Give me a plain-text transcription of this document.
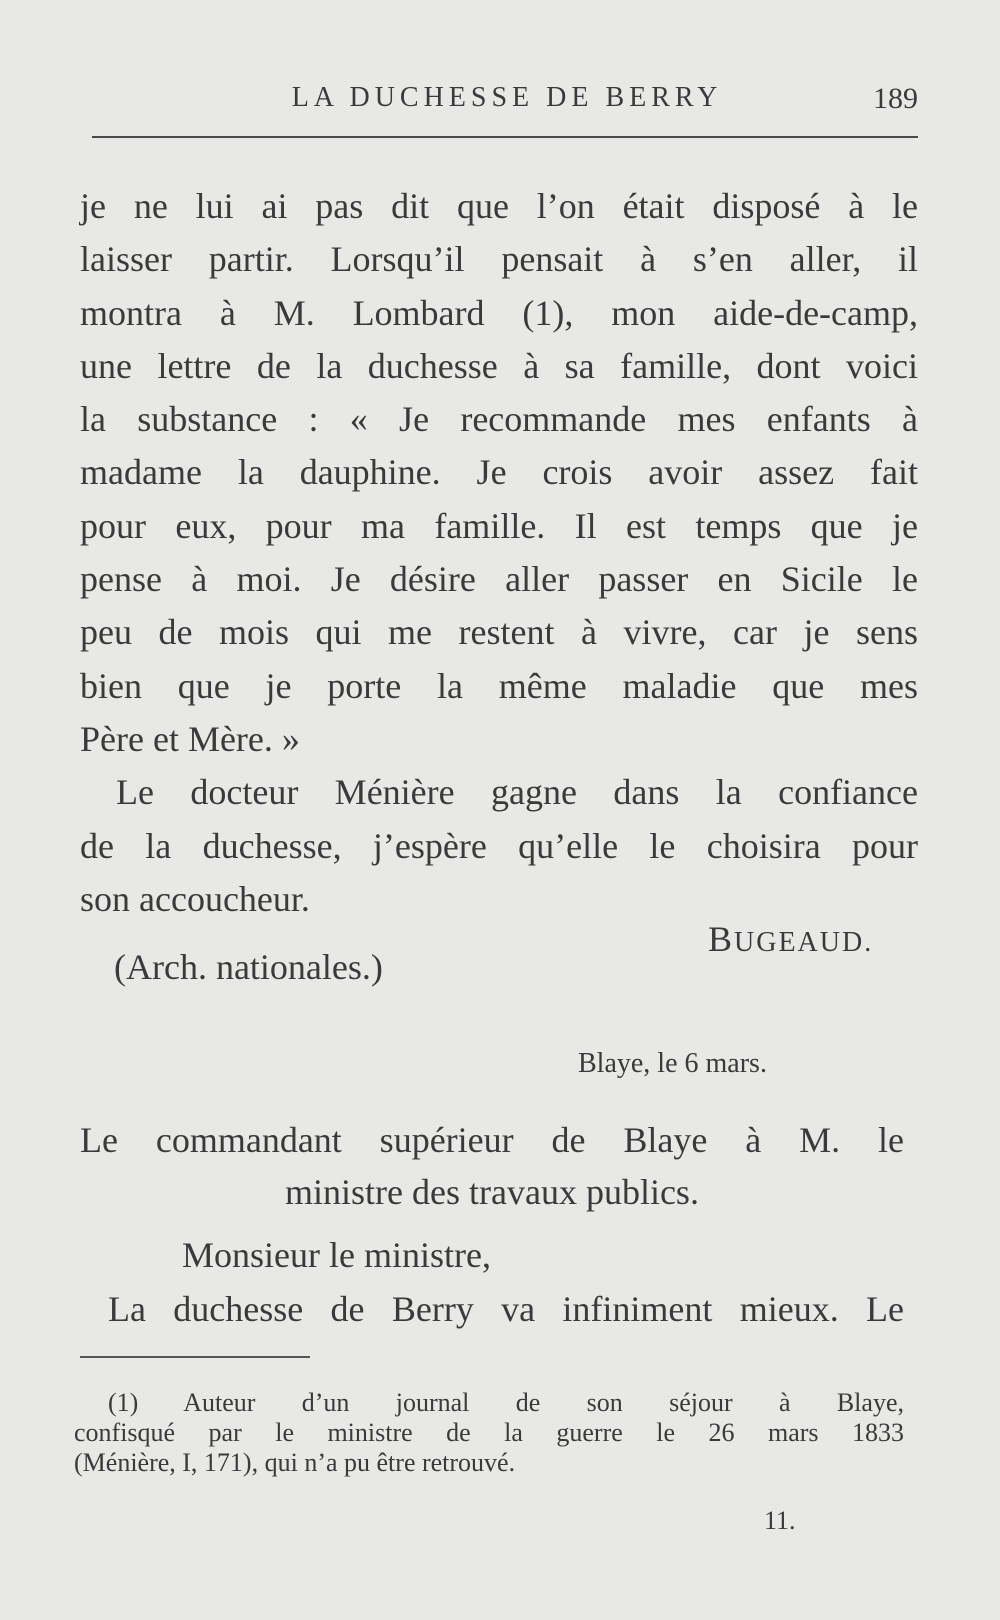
LA DUCHESSE DE BERRY	189
je ne lui ai pas dit que l’on était disposé à le
laisser partir. Lorsqu’il pensait à s’en aller, il
montra à M. Lombard (1), mon aide-de-camp,
une lettre de la duchesse à sa famille, dont voici
la substance : « Je recommande mes enfants à
madame la dauphine. Je crois avoir assez fait
pour eux, pour ma famille. Il est temps que je
pense à moi. Je désire aller passer en Sicile le
peu de mois qui me restent à vivre, car je sens
bien que je porte la même maladie que mes
Père et Mère. »
Le docteur Ménière gagne dans la confiance
de la duchesse, j’espère qu’elle le choisira pour
son accoucheur.
BUGEAUD.
(Arch. nationales.)
Blaye, le 6 mars.
Le commandant supérieur de Blaye à M. le
ministre des travaux publics.
Monsieur le ministre,
La duchesse de Berry va infiniment mieux. Le
(1) Auteur d’un journal de son séjour à Blaye,
confisqué par le ministre de la guerre le 26 mars 1833
(Ménière, I, 171), qui n’a pu être retrouvé.
11.
